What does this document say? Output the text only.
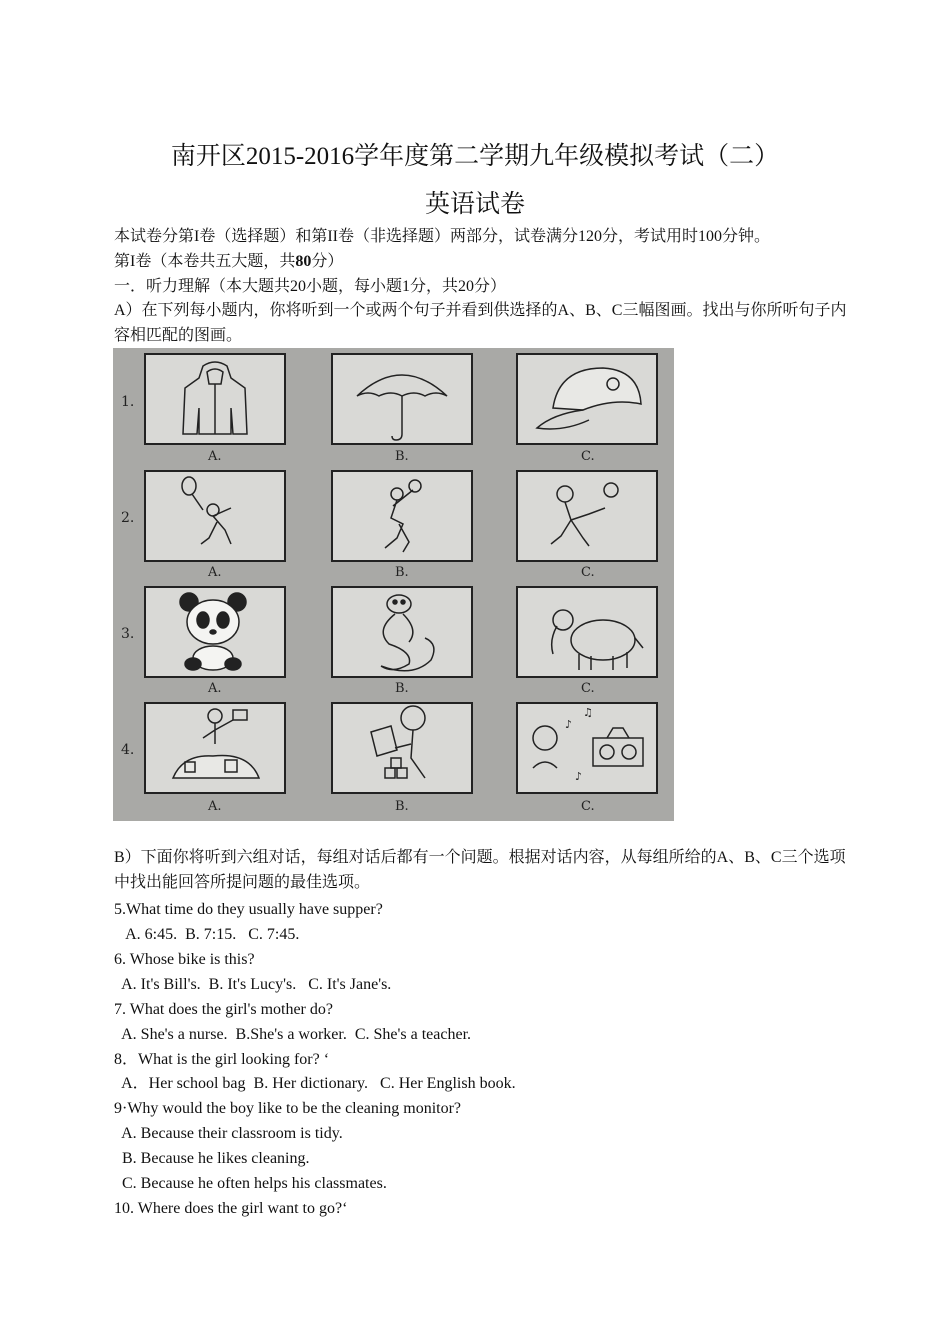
南开区2015-2016学年度第二学期九年级模拟考试（二）
英语试卷
本试卷分第I卷（选择题）和第II卷（非选择题）两部分，试卷满分120分，考试用时100分钟。
第I卷（本卷共五大题，共80分）
一．听力理解（本大题共20小题，每小题1分，共20分）
A）在下列每小题内，你将听到一个或两个句子并看到供选择的A、B、C三幅图画。找出与你所听句子内容相匹配的图画。
1.
2.
3.
4.
A.	B.	C.
A.	B.	C.
A.	B.	C.
A.	B.	C.
♪
♫
♪
B）下面你将听到六组对话，每组对话后都有一个问题。根据对话内容，从每组所给的A、B、C三个选项中找出能回答所提问题的最佳选项。
5.What time do they usually have supper?
A. 6:45.  B. 7:15.   C. 7:45.
6. Whose bike is this?
A. It's Bill's.  B. It's Lucy's.   C. It's Jane's.
7. What does the girl's mother do?
A. She's a nurse.  B.She's a worker.  C. She's a teacher.
8．What is the girl looking for? ‘
A．Her school bag  B. Her dictionary.   C. Her English book.
9·Why would the boy like to be the cleaning monitor?
A. Because their classroom is tidy.
B. Because he likes cleaning.
C. Because he often helps his classmates.
10. Where does the girl want to go?‘
